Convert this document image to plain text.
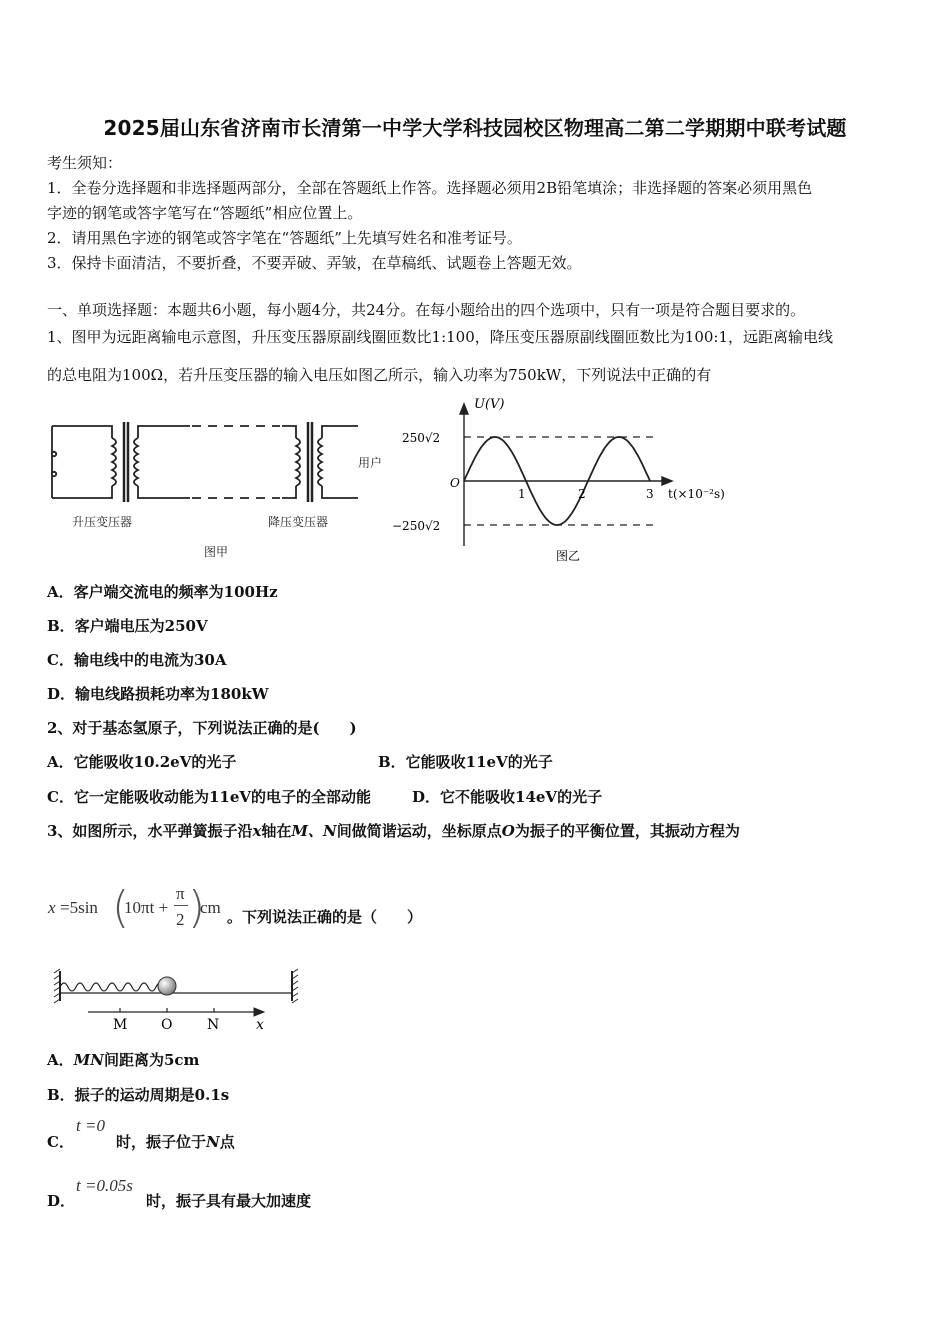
2025届山东省济南市长清第一中学大学科技园校区物理高二第二学期期中联考试题
考生须知：
1．全卷分选择题和非选择题两部分，全部在答题纸上作答。选择题必须用2B铅笔填涂；非选择题的答案必须用黑色
字迹的钢笔或答字笔写在“答题纸”相应位置上。
2．请用黑色字迹的钢笔或答字笔在“答题纸”上先填写姓名和准考证号。
3．保持卡面清洁，不要折叠，不要弄破、弄皱，在草稿纸、试题卷上答题无效。
一、单项选择题：本题共6小题，每小题4分，共24分。在每小题给出的四个选项中，只有一项是符合题目要求的。
1、图甲为远距离输电示意图，升压变压器原副线圈匝数比1:100，降压变压器原副线圈匝数比为100:1，远距离输电线
的总电阻为100Ω，若升压变压器的输入电压如图乙所示，输入功率为750kW，下列说法中正确的有
用户
升压变压器	降压变压器
图甲
U(V)
250√2
−250√2
O
1	2	3 t(×10⁻²s)
图乙
A．客户端交流电的频率为100Hz
B．客户端电压为250V
C．输电线中的电流为30A
D．输电线路损耗功率为180kW
2、对于基态氢原子，下列说法正确的是(　　)
A．它能吸收10.2eV的光子	B．它能吸收11eV的光子
C．它一定能吸收动能为11eV的电子的全部动能	D．它不能吸收14eV的光子
3、如图所示，水平弹簧振子沿x轴在M、N间做简谐运动，坐标原点O为振子的平衡位置，其振动方程为
x =5sin (
10πt +
π
2 )
cm 。下列说法正确的是（　　）
M O N	x
A．MN间距离为5cm
B．振子的运动周期是0.1s
C．
t =0
时，振子位于N点
D．
t =0.05s
时，振子具有最大加速度
